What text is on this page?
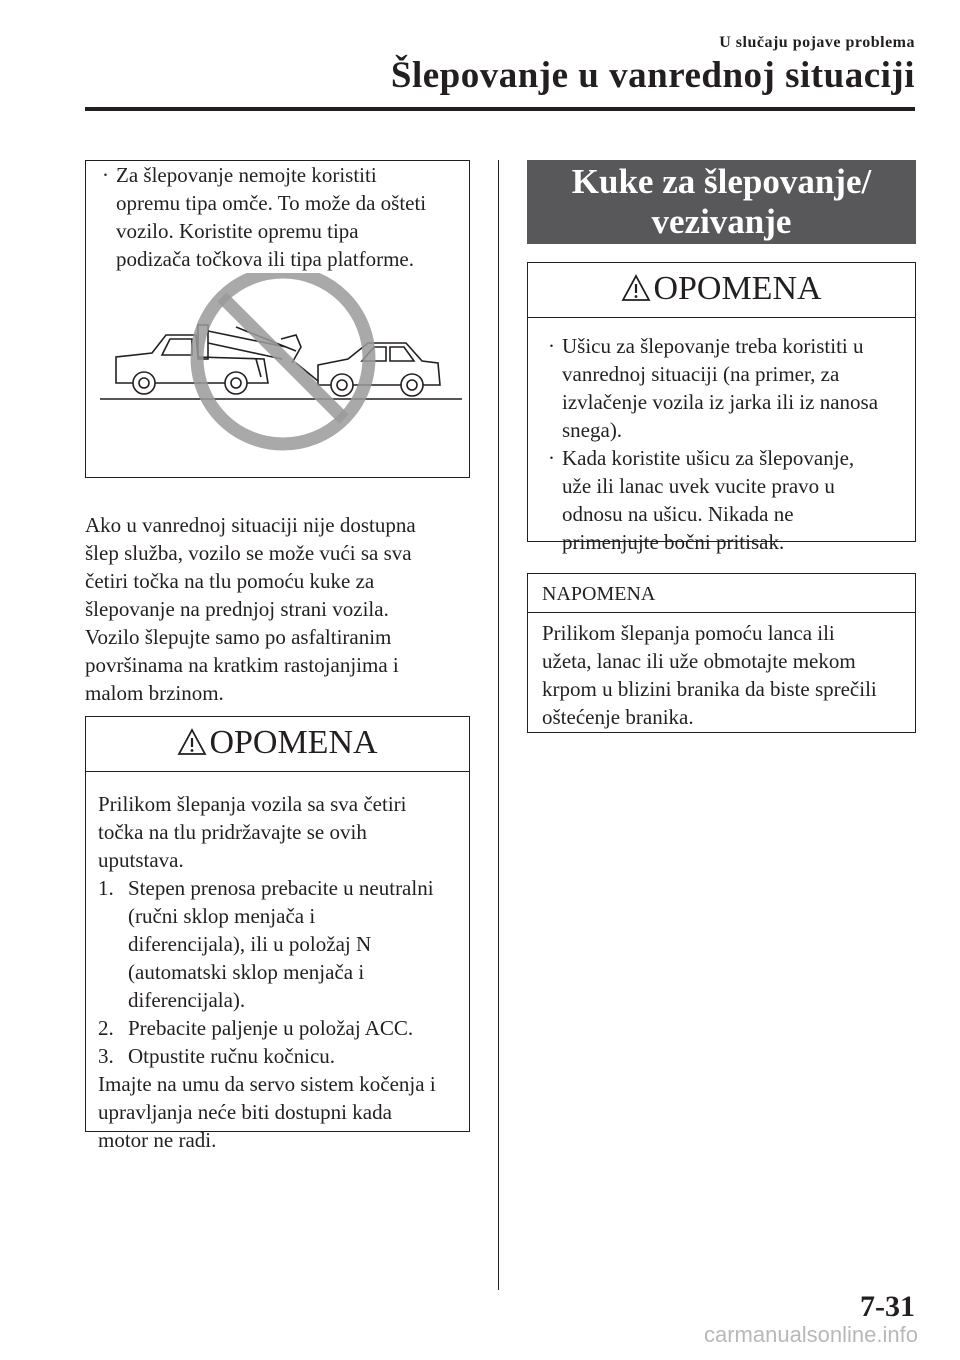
U slučaju pojave problema
Šlepovanje u vanrednoj situaciji
· Za šlepovanje nemojte koristiti
opremu tipa omče. To može da ošteti
vozilo. Koristite opremu tipa
podizača točkova ili tipa platforme.
Ako u vanrednoj situaciji nije dostupna
šlep služba, vozilo se može vući sa sva
četiri točka na tlu pomoću kuke za
šlepovanje na prednjoj strani vozila.
Vozilo šlepujte samo po asfaltiranim
površinama na kratkim rastojanjima i
malom brzinom.
OPOMENA
Prilikom šlepanja vozila sa sva četiri
točka na tlu pridržavajte se ovih
uputstava.
1. Stepen prenosa prebacite u neutralni
(ručni sklop menjača i
diferencijala), ili u položaj N
(automatski sklop menjača i
diferencijala).
2. Prebacite paljenje u položaj ACC.
3. Otpustite ručnu kočnicu.
Imajte na umu da servo sistem kočenja i
upravljanja neće biti dostupni kada
motor ne radi.
Kuke za šlepovanje/
vezivanje
OPOMENA
· Ušicu za šlepovanje treba koristiti u
vanrednoj situaciji (na primer, za
izvlačenje vozila iz jarka ili iz nanosa
snega).
· Kada koristite ušicu za šlepovanje,
uže ili lanac uvek vucite pravo u
odnosu na ušicu. Nikada ne
primenjujte bočni pritisak.
NAPOMENA
Prilikom šlepanja pomoću lanca ili
užeta, lanac ili uže obmotajte mekom
krpom u blizini branika da biste sprečili
oštećenje branika.
7-31
carmanualsonline.info
